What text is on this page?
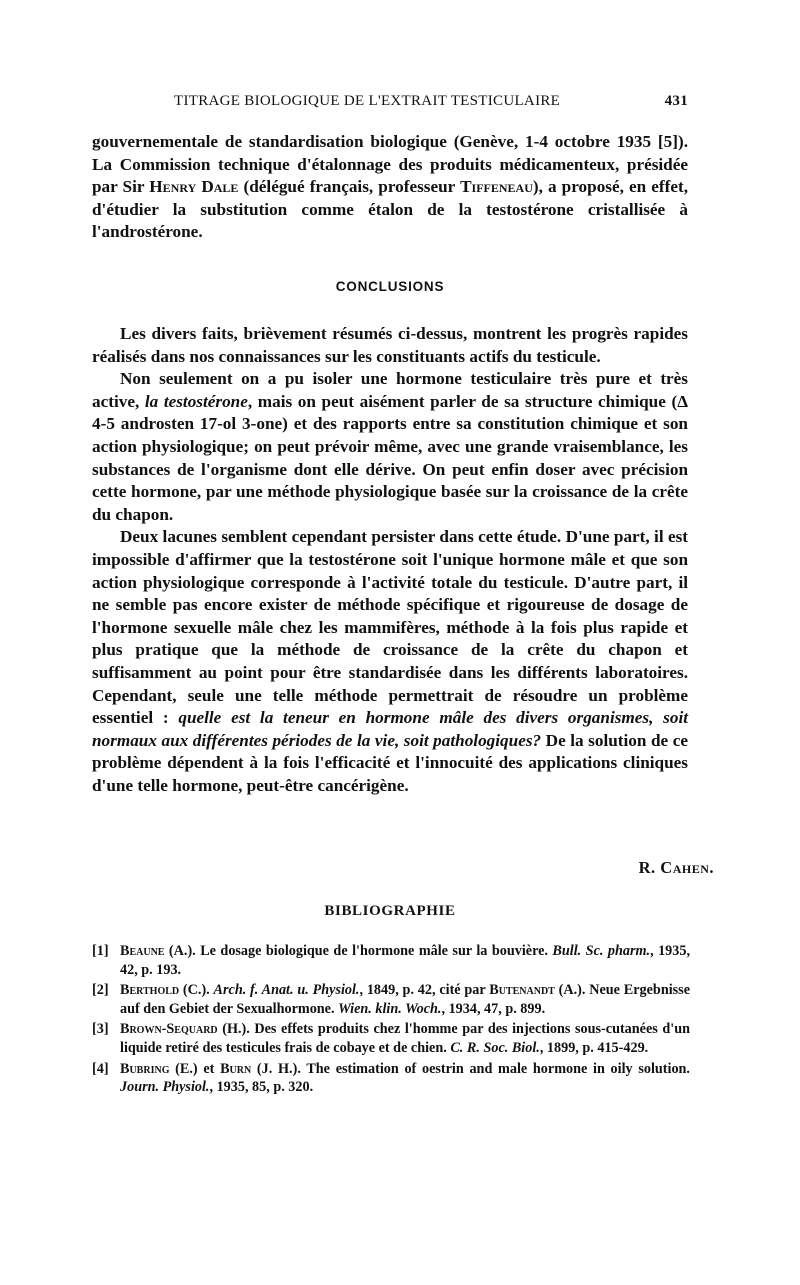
TITRAGE BIOLOGIQUE DE L'EXTRAIT TESTICULAIRE	431

gouvernementale de standardisation biologique (Genève, 1-4 octobre 1935 [5]). La Commission technique d'étalonnage des produits médicamenteux, présidée par Sir Henry Dale (délégué français, professeur Tiffeneau), a proposé, en effet, d'étudier la substitution comme étalon de la testostérone cristallisée à l'androstérone.

CONCLUSIONS

Les divers faits, brièvement résumés ci-dessus, montrent les progrès rapides réalisés dans nos connaissances sur les constituants actifs du testicule.

Non seulement on a pu isoler une hormone testiculaire très pure et très active, la testostérone, mais on peut aisément parler de sa structure chimique (Δ 4-5 androsten 17-ol 3-one) et des rapports entre sa constitution chimique et son action physiologique; on peut prévoir même, avec une grande vraisemblance, les substances de l'organisme dont elle dérive. On peut enfin doser avec précision cette hormone, par une méthode physiologique basée sur la croissance de la crête du chapon.

Deux lacunes semblent cependant persister dans cette étude. D'une part, il est impossible d'affirmer que la testostérone soit l'unique hormone mâle et que son action physiologique corresponde à l'activité totale du testicule. D'autre part, il ne semble pas encore exister de méthode spécifique et rigoureuse de dosage de l'hormone sexuelle mâle chez les mammifères, méthode à la fois plus rapide et plus pratique que la méthode de croissance de la crête du chapon et suffisamment au point pour être standardisée dans les différents laboratoires. Cependant, seule une telle méthode permettrait de résoudre un problème essentiel : quelle est la teneur en hormone mâle des divers organismes, soit normaux aux différentes périodes de la vie, soit pathologiques? De la solution de ce problème dépendent à la fois l'efficacité et l'innocuité des applications cliniques d'une telle hormone, peut-être cancérigène.

R. Cahen.
BIBLIOGRAPHIE

[1] Beaune (A.). Le dosage biologique de l'hormone mâle sur la bouvière. Bull. Sc. pharm., 1935, 42, p. 193.

[2] Berthold (C.). Arch. f. Anat. u. Physiol., 1849, p. 42, cité par Butenandt (A.). Neue Ergebnisse auf den Gebiet der Sexualhormone. Wien. klin. Woch., 1934, 47, p. 899.

[3] Brown-Sequard (H.). Des effets produits chez l'homme par des injections sous-cutanées d'un liquide retiré des testicules frais de cobaye et de chien. C. R. Soc. Biol., 1899, p. 415-429.

[4] Bubring (E.) et Burn (J. H.). The estimation of oestrin and male hormone in oily solution. Journ. Physiol., 1935, 85, p. 320.
